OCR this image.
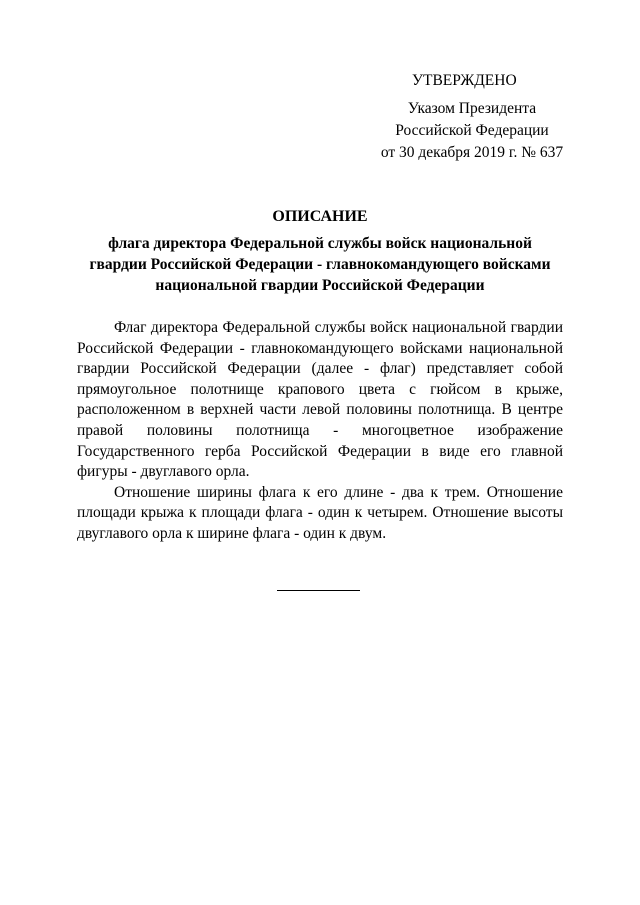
УТВЕРЖДЕНО
Указом Президента
Российской Федерации
от 30 декабря 2019 г. № 637
ОПИСАНИЕ
флага директора Федеральной службы войск национальной гвардии Российской Федерации - главнокомандующего войсками национальной гвардии Российской Федерации

Флаг директора Федеральной службы войск национальной гвардии Российской Федерации - главнокомандующего войсками национальной гвардии Российской Федерации (далее - флаг) представляет собой прямоугольное полотнище крапового цвета с гюйсом в крыже, расположенном в верхней части левой половины полотнища. В центре правой половины полотнища - многоцветное изображение Государственного герба Российской Федерации в виде его главной фигуры - двуглавого орла.

Отношение ширины флага к его длине - два к трем. Отношение площади крыжа к площади флага - один к четырем. Отношение высоты двуглавого орла к ширине флага - один к двум.
